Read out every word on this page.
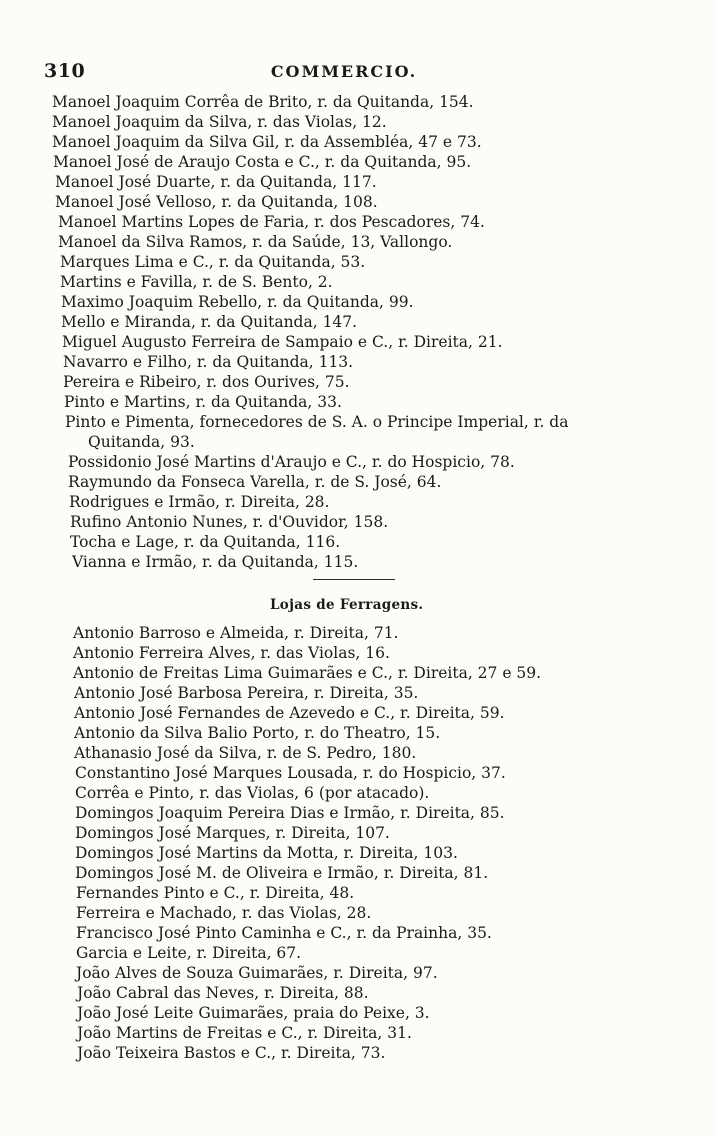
310	COMMERCIO.
Manoel Joaquim Corrêa de Brito, r. da Quitanda, 154.
Manoel Joaquim da Silva, r. das Violas, 12.
Manoel Joaquim da Silva Gil, r. da Assembléa, 47 e 73.
Manoel José de Araujo Costa e C., r. da Quitanda, 95.
Manoel José Duarte, r. da Quitanda, 117.
Manoel José Velloso, r. da Quitanda, 108.
Manoel Martins Lopes de Faria, r. dos Pescadores, 74.
Manoel da Silva Ramos, r. da Saúde, 13, Vallongo.
Marques Lima e C., r. da Quitanda, 53.
Martins e Favilla, r. de S. Bento, 2.
Maximo Joaquim Rebello, r. da Quitanda, 99.
Mello e Miranda, r. da Quitanda, 147.
Miguel Augusto Ferreira de Sampaio e C., r. Direita, 21.
Navarro e Filho, r. da Quitanda, 113.
Pereira e Ribeiro, r. dos Ourives, 75.
Pinto e Martins, r. da Quitanda, 33.
Pinto e Pimenta, fornecedores de S. A. o Principe Imperial, r. da
Quitanda, 93.
Possidonio José Martins d'Araujo e C., r. do Hospicio, 78.
Raymundo da Fonseca Varella, r. de S. José, 64.
Rodrigues e Irmão, r. Direita, 28.
Rufino Antonio Nunes, r. d'Ouvidor, 158.
Tocha e Lage, r. da Quitanda, 116.
Vianna e Irmão, r. da Quitanda, 115.
Lojas de Ferragens.
Antonio Barroso e Almeida, r. Direita, 71.
Antonio Ferreira Alves, r. das Violas, 16.
Antonio de Freitas Lima Guimarães e C., r. Direita, 27 e 59.
Antonio José Barbosa Pereira, r. Direita, 35.
Antonio José Fernandes de Azevedo e C., r. Direita, 59.
Antonio da Silva Balio Porto, r. do Theatro, 15.
Athanasio José da Silva, r. de S. Pedro, 180.
Constantino José Marques Lousada, r. do Hospicio, 37.
Corrêa e Pinto, r. das Violas, 6 (por atacado).
Domingos Joaquim Pereira Dias e Irmão, r. Direita, 85.
Domingos José Marques, r. Direita, 107.
Domingos José Martins da Motta, r. Direita, 103.
Domingos José M. de Oliveira e Irmão, r. Direita, 81.
Fernandes Pinto e C., r. Direita, 48.
Ferreira e Machado, r. das Violas, 28.
Francisco José Pinto Caminha e C., r. da Prainha, 35.
Garcia e Leite, r. Direita, 67.
João Alves de Souza Guimarães, r. Direita, 97.
João Cabral das Neves, r. Direita, 88.
João José Leite Guimarães, praia do Peixe, 3.
João Martins de Freitas e C., r. Direita, 31.
João Teixeira Bastos e C., r. Direita, 73.
